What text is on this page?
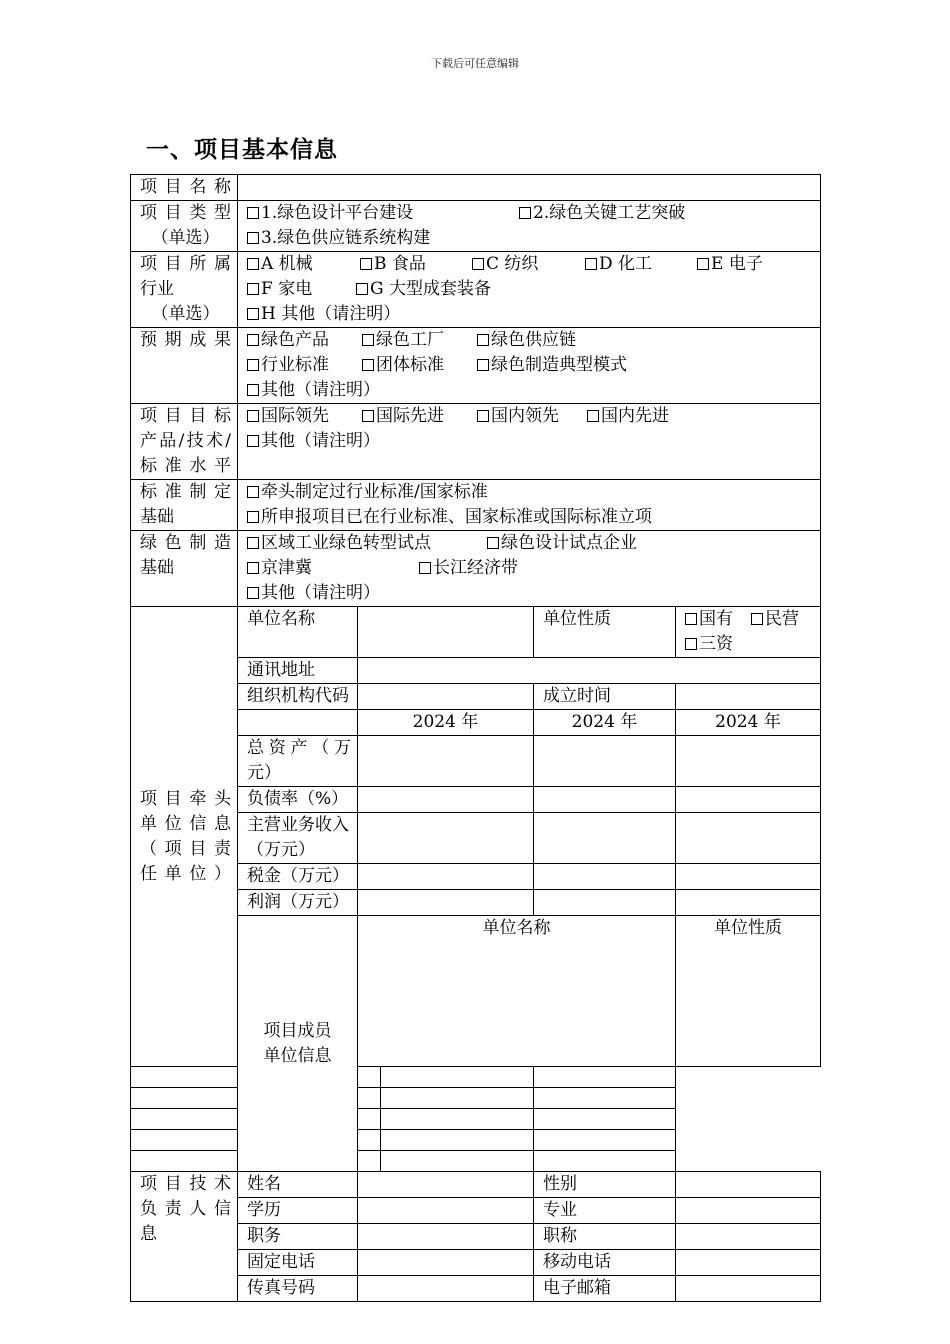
下载后可任意编辑
一、项目基本信息
项目名称						

项目类型
（单选）	1.绿色设计平台建设 2.绿色关键工艺突破
3.绿色供应链系统构建					

项目所属
行业
（单选）	A 机械 B 食品 C 纺织 D 化工 E 电子
F 家电 G 大型成套装备
H 其他（请注明）					

预期成果	绿色产品 绿色工厂 绿色供应链
行业标准 团体标准 绿色制造典型模式
其他（请注明）					

项目目标
产品/技术/
标准水平	国际领先 国际先进 国内领先 国内先进
其他（请注明）					

标准制定
基础	牵头制定过行业标准/国家标准
所申报项目已在行业标准、国家标准或国际标准立项					

绿色制造
基础	区域工业绿色转型试点 绿色设计试点企业
京津冀 长江经济带
其他（请注明）					

项目牵头
单位信息
（项目责
任单位）	单位名称			单位性质	国有 民营
三资	

	通讯地址					
	组织机构代码			成立时间		
		2024 年		2024 年	2024 年	

	总资产（万
元）					

	负债率（%）					

	主营业务收入
（万元）					

	税金（万元）					
	利润（万元）					

	项目成员
单位信息	单位名称			单位性质	

项目技术
负责人信
息	姓名			性别		
	学历			专业		
	职务			职称		
	固定电话			移动电话		
	传真号码			电子邮箱		
